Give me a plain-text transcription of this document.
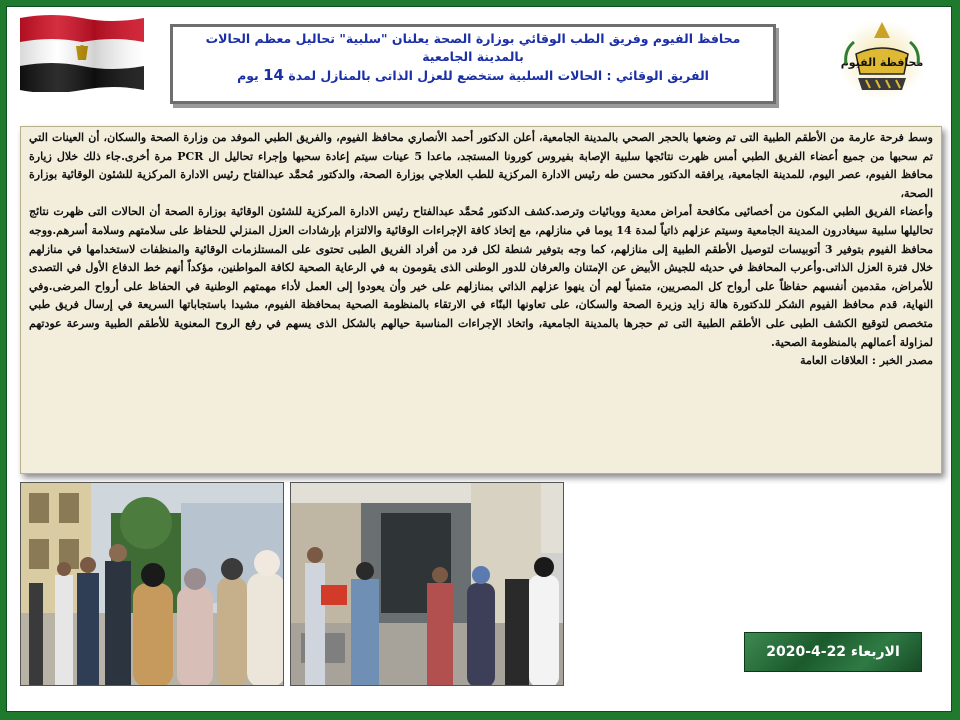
محافظة الفيوم
محافظ الفيوم وفريق الطب الوقائي بوزارة الصحة يعلنان "سلبية" تحاليل معظم الحالات بالمدينة الجامعية
الفريق الوقائي : الحالات السلبية ستخضع للعزل الذاتى بالمنازل لمدة 14 يوم

وسط فرحة عارمة من الأطقم الطبية التى تم وضعها بالحجر الصحي بالمدينة الجامعية، أعلن الدكتور أحمد الأنصاري محافظ الفيوم، والفريق الطبي الموفد من وزارة الصحة والسكان، أن العينات التي تم سحبها من جميع أعضاء الفريق الطبي أمس ظهرت نتائجها سلبية الإصابة بفيروس كورونا المستجد، ماعدا 5 عينات سيتم إعادة سحبها وإجراء تحاليل ال PCR مرة أخرى.جاء ذلك خلال زيارة محافظ الفيوم، عصر اليوم، للمدينة الجامعية، يرافقه الدكتور محسن طه رئيس الادارة المركزية للطب العلاجي بوزارة الصحة، والدكتور مُحمَّد عبدالفتاح رئيس الادارة المركزية للشئون الوقائية بوزارة الصحة،

وأعضاء الفريق الطبي المكون من أخصائيى مكافحة أمراض معدية ووبائيات وترصد.كشف الدكتور مُحمَّد عبدالفتاح رئيس الادارة المركزية للشئون الوقائية بوزارة الصحة أن الحالات التى ظهرت نتائج تحاليلها سلبية سيغادرون المدينة الجامعية وسيتم عزلهم ذاتياً لمدة 14 يوما في منازلهم، مع إتخاذ كافة الإجراءات الوقائية والالتزام بإرشادات العزل المنزلي للحفاظ على سلامتهم وسلامة أسرهم.ووجه محافظ الفيوم بتوفير 3 أتوبيسات لتوصيل الأطقم الطبية إلى منازلهم، كما وجه بتوفير شنطة لكل فرد من أفراد الفريق الطبى تحتوى على المستلزمات الوقائية والمنظفات لاستخدامها في منازلهم خلال فترة العزل الذاتى.وأعرب المحافظ في حديثه للجيش الأبيض عن الإمتنان والعرفان للدور الوطنى الذى يقومون به في الرعاية الصحية لكافة المواطنين، مؤكداً أنهم خط الدفاع الأول في التصدى للأمراض، مقدمين أنفسهم حفاظاً على أرواح كل المصريين، متمنياً لهم أن ينهوا عزلهم الذاتي بمنازلهم على خير وأن يعودوا إلى العمل لأداء مهمتهم الوطنية في الحفاظ على أرواح المرضى.وفي النهاية، قدم محافظ الفيوم الشكر للدكتورة هالة زايد وزيرة الصحة والسكان، على تعاونها البنّاء في الارتقاء بالمنظومة الصحية بمحافظة الفيوم، مشيدا باستجاباتها السريعة في إرسال فريق طبي متخصص لتوقيع الكشف الطبى على الأطقم الطبية التى تم حجرها بالمدينة الجامعية، واتخاذ الإجراءات المناسبة حيالهم بالشكل الذى يسهم في رفع الروح المعنوية للأطقم الطبية وسرعة عودتهم لمزاولة أعمالهم بالمنظومة الصحية.

مصدر الخبر : العلاقات العامة

الاربعاء 22-4-2020
